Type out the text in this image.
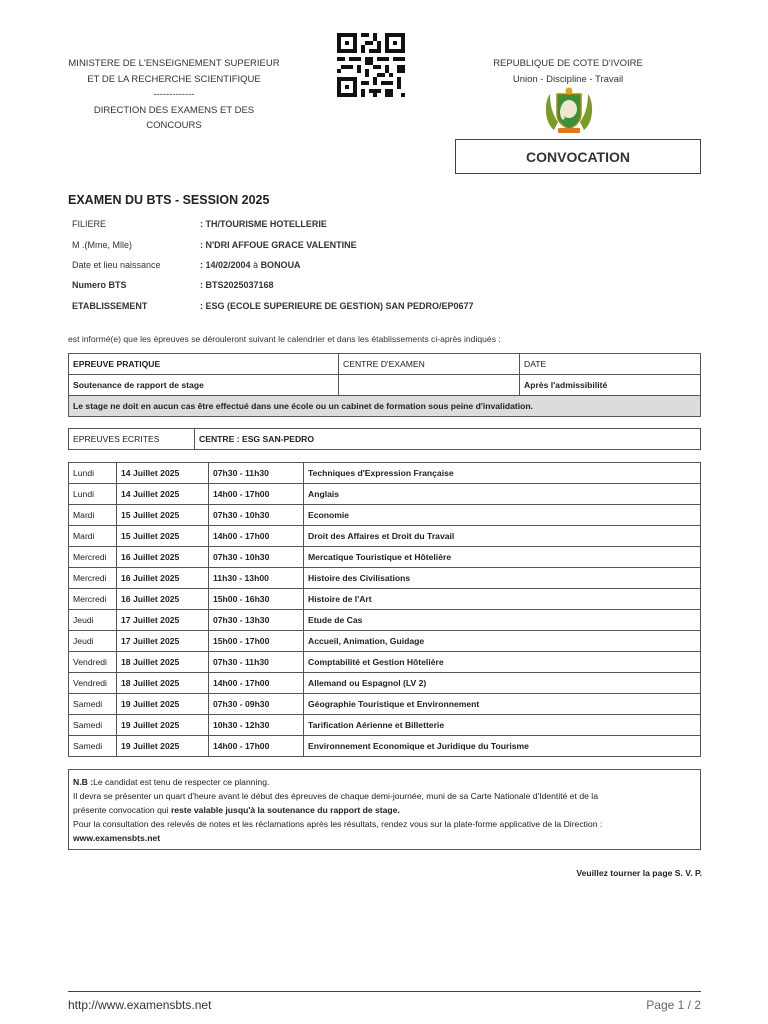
MINISTERE DE L'ENSEIGNEMENT SUPERIEUR
ET DE LA RECHERCHE SCIENTIFIQUE
-------------
DIRECTION DES EXAMENS ET DES
CONCOURS
REPUBLIQUE DE COTE D'IVOIRE
Union - Discipline - Travail
CONVOCATION
EXAMEN DU BTS - SESSION 2025
FILIERE	: TH/TOURISME HOTELLERIE
M .(Mme, Mlle)	: N'DRI AFFOUE GRACE VALENTINE
Date et lieu naissance	: 14/02/2004 à BONOUA
Numero BTS	: BTS2025037168
ETABLISSEMENT	: ESG (ECOLE SUPERIEURE DE GESTION) SAN PEDRO/EP0677
est informé(e) que les épreuves se dérouleront suivant le calendrier et dans les établissements ci-après indiqués :
EPREUVE PRATIQUE	CENTRE D'EXAMEN	DATE
Soutenance de rapport de stage		Après l'admissibilité
Le stage ne doit en aucun cas être effectué dans une école ou un cabinet de formation sous peine d'invalidation.		
EPREUVES ECRITES	CENTRE : ESG SAN-PEDRO
Lundi	14 Juillet 2025	07h30 - 11h30	Techniques d'Expression Française
Lundi	14 Juillet 2025	14h00 - 17h00	Anglais
Mardi	15 Juillet 2025	07h30 - 10h30	Economie
Mardi	15 Juillet 2025	14h00 - 17h00	Droit des Affaires et Droit du Travail
Mercredi	16 Juillet 2025	07h30 - 10h30	Mercatique Touristique et Hôtelière
Mercredi	16 Juillet 2025	11h30 - 13h00	Histoire des Civilisations
Mercredi	16 Juillet 2025	15h00 - 16h30	Histoire de l'Art
Jeudi	17 Juillet 2025	07h30 - 13h30	Etude de Cas
Jeudi	17 Juillet 2025	15h00 - 17h00	Accueil, Animation, Guidage
Vendredi	18 Juillet 2025	07h30 - 11h30	Comptabilité et Gestion Hôtelière
Vendredi	18 Juillet 2025	14h00 - 17h00	Allemand ou Espagnol (LV 2)
Samedi	19 Juillet 2025	07h30 - 09h30	Géographie Touristique et Environnement
Samedi	19 Juillet 2025	10h30 - 12h30	Tarification Aérienne et Billetterie
Samedi	19 Juillet 2025	14h00 - 17h00	Environnement Economique et Juridique du Tourisme
N.B :Le candidat est tenu de respecter ce planning.
Il devra se présenter un quart d'heure avant le début des épreuves de chaque demi-journée, muni de sa Carte Nationale d'Identité et de la
présente convocation qui reste valable jusqu'à la soutenance du rapport de stage.
Pour la consultation des relevés de notes et les réclamations après les résultats, rendez vous sur la plate-forme applicative de la Direction :
www.examensbts.net
Veuillez tourner la page S. V. P.
http://www.examensbts.net	Page 1 / 2
